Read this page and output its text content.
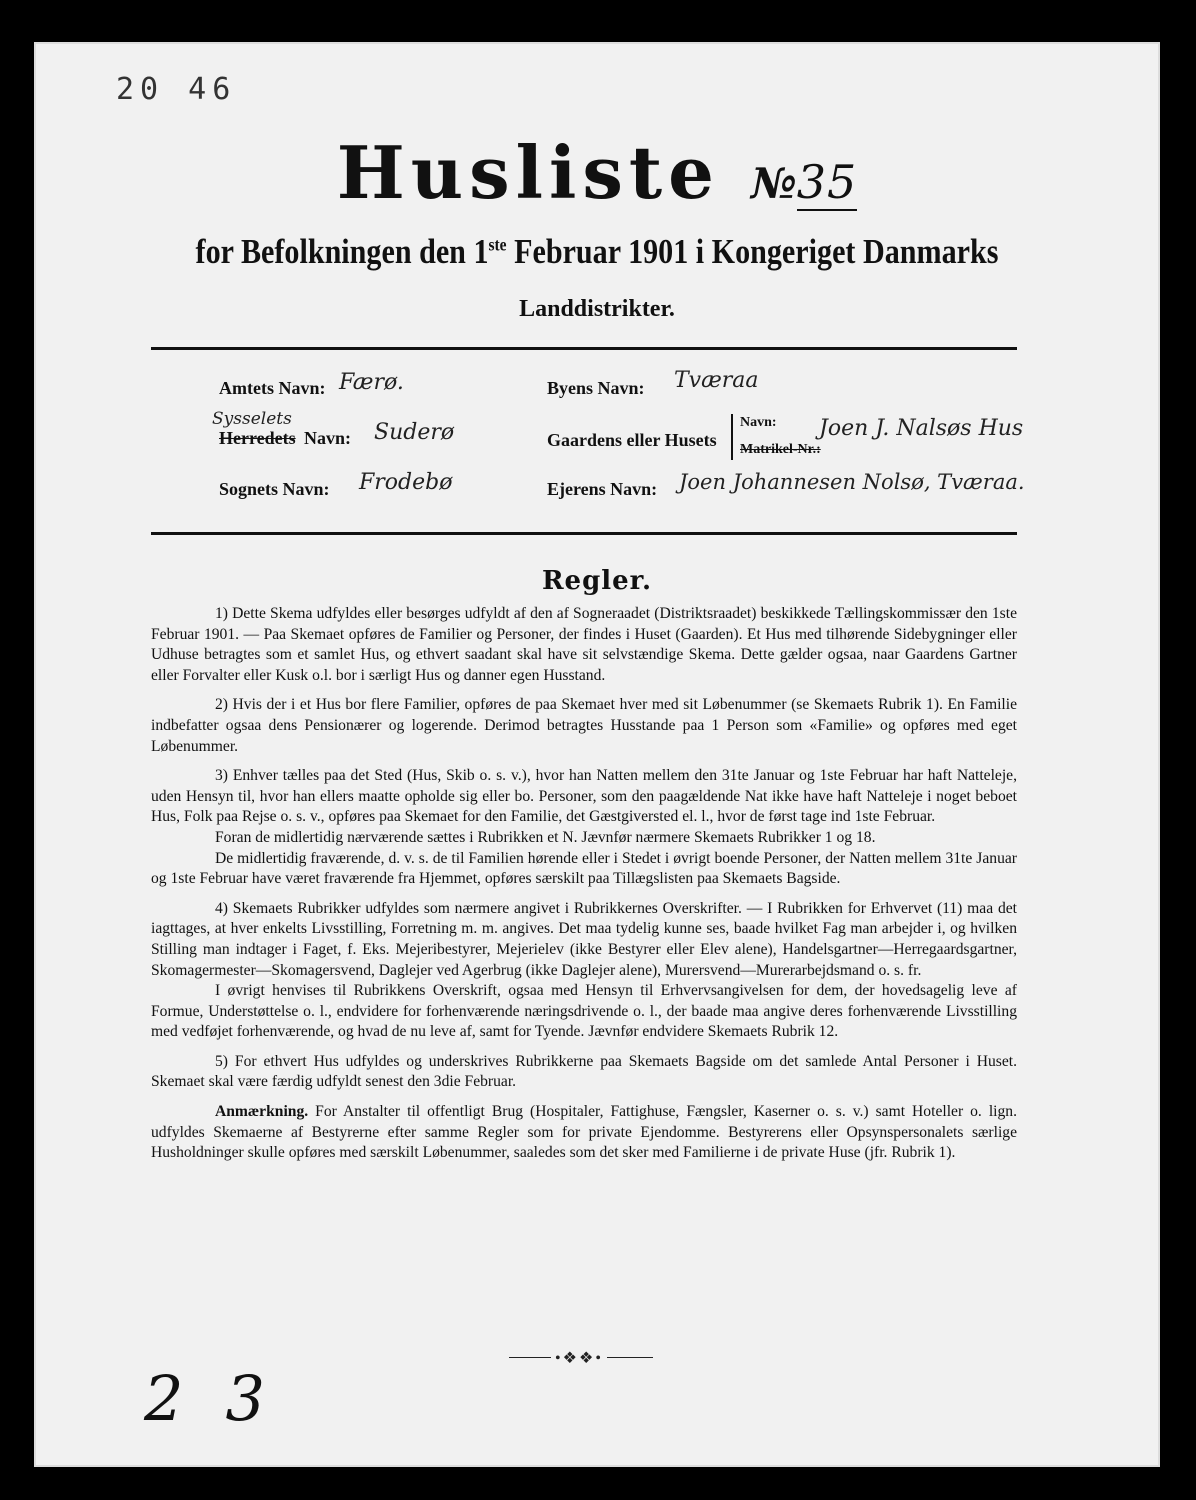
20 46
Husliste №35
for Befolkningen den 1ste Februar 1901 i Kongeriget Danmarks
Landdistrikter.
Amtets Navn: Færø.
Sysselets
Herredets Navn: Suderø
Sognets Navn: Frodebø
Byens Navn: Tværaa
Gaardens eller Husets
Navn:
Matrikel-Nr.:
Joen J. Nalsøs Hus
Ejerens Navn: Joen Johannesen Nolsø, Tværaa.
Regler.

1) Dette Skema udfyldes eller besørges udfyldt af den af Sogneraadet (Distriktsraadet) beskikkede Tællingskommissær den 1ste Februar 1901. — Paa Skemaet opføres de Familier og Personer, der findes i Huset (Gaarden). Et Hus med tilhørende Sidebygninger eller Udhuse betragtes som et samlet Hus, og ethvert saadant skal have sit selvstændige Skema. Dette gælder ogsaa, naar Gaardens Gartner eller Forvalter eller Kusk o.l. bor i særligt Hus og danner egen Husstand.

2) Hvis der i et Hus bor flere Familier, opføres de paa Skemaet hver med sit Løbenummer (se Skemaets Rubrik 1). En Familie indbefatter ogsaa dens Pensionærer og logerende. Derimod betragtes Husstande paa 1 Person som «Familie» og opføres med eget Løbenummer.

3) Enhver tælles paa det Sted (Hus, Skib o. s. v.), hvor han Natten mellem den 31te Januar og 1ste Februar har haft Natteleje, uden Hensyn til, hvor han ellers maatte opholde sig eller bo. Personer, som den paagældende Nat ikke have haft Natteleje i noget beboet Hus, Folk paa Rejse o. s. v., opføres paa Skemaet for den Familie, det Gæstgiversted el. l., hvor de først tage ind 1ste Februar.

Foran de midlertidig nærværende sættes i Rubrikken et N. Jævnfør nærmere Skemaets Rubrikker 1 og 18.

De midlertidig fraværende, d. v. s. de til Familien hørende eller i Stedet i øvrigt boende Personer, der Natten mellem 31te Januar og 1ste Februar have været fraværende fra Hjemmet, opføres særskilt paa Tillægslisten paa Skemaets Bagside.

4) Skemaets Rubrikker udfyldes som nærmere angivet i Rubrikkernes Overskrifter. — I Rubrikken for Erhvervet (11) maa det iagttages, at hver enkelts Livsstilling, Forretning m. m. angives. Det maa tydelig kunne ses, baade hvilket Fag man arbejder i, og hvilken Stilling man indtager i Faget, f. Eks. Mejeribestyrer, Mejerielev (ikke Bestyrer eller Elev alene), Handelsgartner—Herregaardsgartner, Skomagermester—Skomagersvend, Daglejer ved Agerbrug (ikke Daglejer alene), Murersvend—Murerarbejdsmand o. s. fr.

I øvrigt henvises til Rubrikkens Overskrift, ogsaa med Hensyn til Erhvervsangivelsen for dem, der hovedsagelig leve af Formue, Understøttelse o. l., endvidere for forhenværende næringsdrivende o. l., der baade maa angive deres forhenværende Livsstilling med vedføjet forhenværende, og hvad de nu leve af, samt for Tyende. Jævnfør endvidere Skemaets Rubrik 12.

5) For ethvert Hus udfyldes og underskrives Rubrikkerne paa Skemaets Bagside om det samlede Antal Personer i Huset. Skemaet skal være færdig udfyldt senest den 3die Februar.

Anmærkning. For Anstalter til offentligt Brug (Hospitaler, Fattighuse, Fængsler, Kaserner o. s. v.) samt Hoteller o. lign. udfyldes Skemaerne af Bestyrerne efter samme Regler som for private Ejendomme. Bestyrerens eller Opsynspersonalets særlige Husholdninger skulle opføres med særskilt Løbenummer, saaledes som det sker med Familierne i de private Huse (jfr. Rubrik 1).

•❖❖•
23
